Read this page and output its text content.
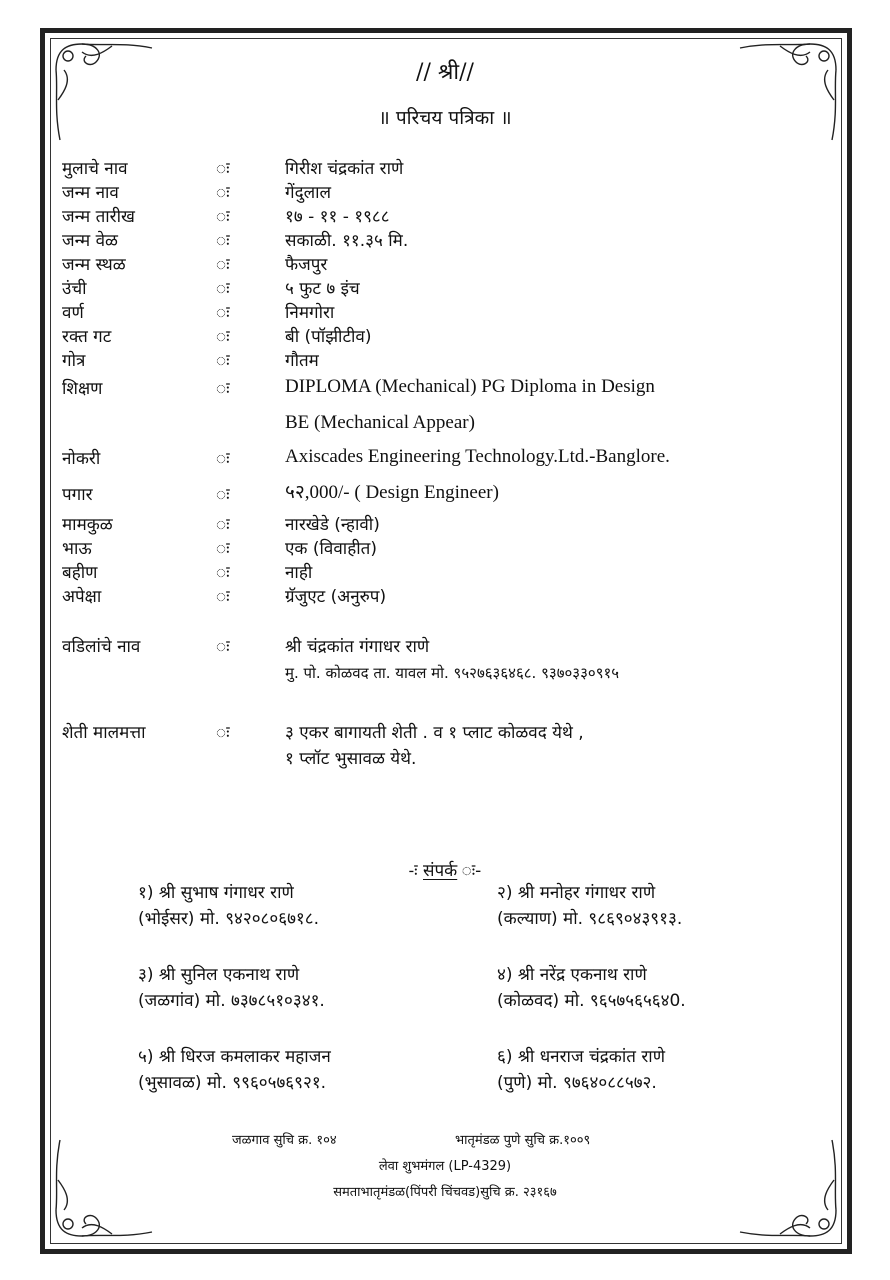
// श्री//
॥ परिचय पत्रिका ॥
मुलाचे नाव	ः	गिरीश चंद्रकांत राणे
जन्म नाव	ः	गेंदुलाल
जन्म तारीख	ः	१७ - ११ - १९८८
जन्म वेळ	ः	सकाळी. ११.३५ मि.
जन्म स्थळ	ः	फैजपुर
उंची	ः	५ फुट ७ इंच
वर्ण	ः	निमगोरा
रक्त गट	ः	बी (पॉझीटीव)
गोत्र	ः	गौतम
शिक्षण	ः	DIPLOMA (Mechanical) PG Diploma in Design
BE (Mechanical Appear)
नोकरी	ः	Axiscades Engineering Technology.Ltd.-Banglore.
पगार	ः	५२,000/- ( Design Engineer)
मामकुळ	ः	नारखेडे (न्हावी)
भाऊ	ः	एक (विवाहीत)
बहीण	ः	नाही
अपेक्षा	ः	ग्रॅजुएट (अनुरुप)
वडिलांचे नाव	ः	श्री चंद्रकांत गंगाधर राणे
मु. पो. कोळवद ता. यावल मो. ९५२७६३६४६८. ९३७०३३०९१५
शेती मालमत्ता	ः	३ एकर बागायती शेती . व १ प्लाट कोळवद येथे ,
१ प्लॉट भुसावळ येथे.
-ः संपर्क ः-
१) श्री सुभाष गंगाधर राणे
(भोईसर) मो. ९४२०८०६७१८.
२) श्री मनोहर गंगाधर राणे
(कल्याण) मो. ९८६९०४३९१३.
३) श्री सुनिल एकनाथ राणे
(जळगांव) मो. ७३७८५१०३४१.
४) श्री नरेंद्र एकनाथ राणे
(कोळवद) मो. ९६५७५६५६४0.
५) श्री धिरज कमलाकर महाजन
(भुसावळ) मो. ९९६०५७६९२१.
६) श्री धनराज चंद्रकांत राणे
(पुणे) मो. ९७६४०८८५७२.
जळगाव सुचि क्र. १०४	भातृमंडळ पुणे सुचि क्र.१००९
लेवा शुभमंगल (LP-4329)
समताभातृमंडळ(पिंपरी चिंचवड)सुचि क्र. २३१६७
